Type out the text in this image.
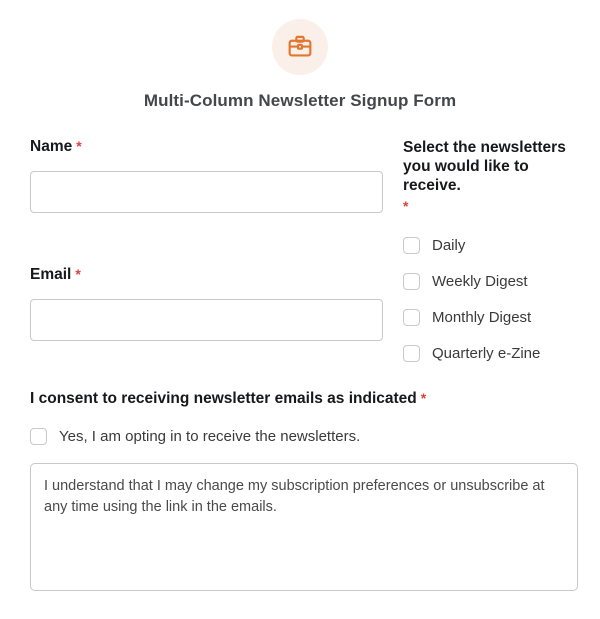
Multi-Column Newsletter Signup Form
Name *	Select the newsletters you would like to receive.
*
Daily
Weekly Digest
Monthly Digest
Quarterly e-Zine
Email *
I consent to receiving newsletter emails as indicated *
Yes, I am opting in to receive the newsletters.
I understand that I may change my subscription preferences or unsubscribe at any time using the link in the emails.
